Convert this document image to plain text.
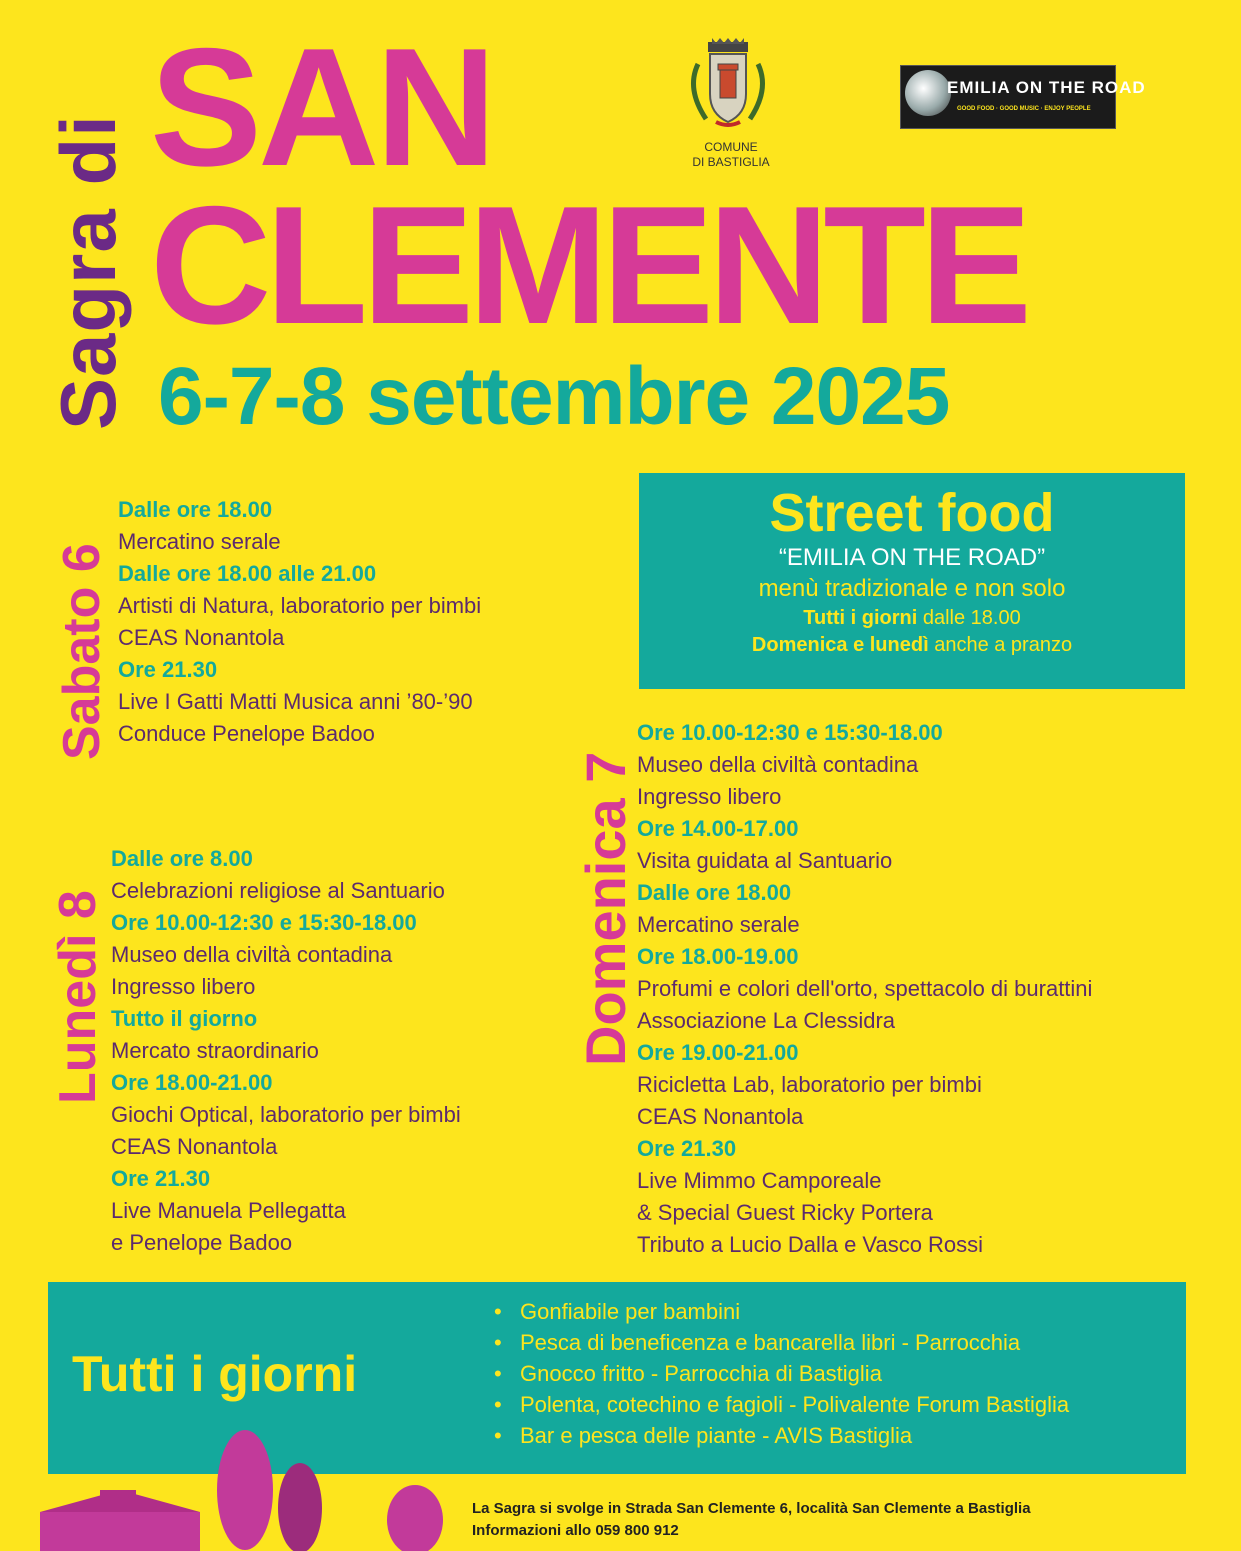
Sagra di
SAN
CLEMENTE
6-7-8 settembre 2025
COMUNE
DI BASTIGLIA
EMILIA ON THE ROAD
GOOD FOOD · GOOD MUSIC · ENJOY PEOPLE
Sabato 6
Lunedì 8	Domenica 7
Dalle ore 18.00
Mercatino serale
Dalle ore 18.00 alle 21.00
Artisti di Natura, laboratorio per bimbi
CEAS Nonantola
Ore 21.30
Live I Gatti Matti Musica anni ’80-’90
Conduce Penelope Badoo
Dalle ore 8.00
Celebrazioni religiose al Santuario
Ore 10.00-12:30 e 15:30-18.00
Museo della civiltà contadina
Ingresso libero
Tutto il giorno
Mercato straordinario
Ore 18.00-21.00
Giochi Optical, laboratorio per bimbi
CEAS Nonantola
Ore 21.30
Live Manuela Pellegatta
e Penelope Badoo
Ore 10.00-12:30 e 15:30-18.00
Museo della civiltà contadina
Ingresso libero
Ore 14.00-17.00
Visita guidata al Santuario
Dalle ore 18.00
Mercatino serale
Ore 18.00-19.00
Profumi e colori dell'orto, spettacolo di burattini
Associazione La Clessidra
Ore 19.00-21.00
Ricicletta Lab, laboratorio per bimbi
CEAS Nonantola
Ore 21.30
Live Mimmo Camporeale
& Special Guest Ricky Portera
Tributo a Lucio Dalla e Vasco Rossi
Street food
“EMILIA ON THE ROAD”
menù tradizionale e non solo
Tutti i giorni dalle 18.00
Domenica e lunedì anche a pranzo
Tutti i giorni
• Gonfiabile per bambini
• Pesca di beneficenza e bancarella libri - Parrocchia
• Gnocco fritto - Parrocchia di Bastiglia
• Polenta, cotechino e fagioli - Polivalente Forum Bastiglia
• Bar e pesca delle piante - AVIS Bastiglia
La Sagra si svolge in Strada San Clemente 6, località San Clemente a Bastiglia
Informazioni allo 059 800 912
